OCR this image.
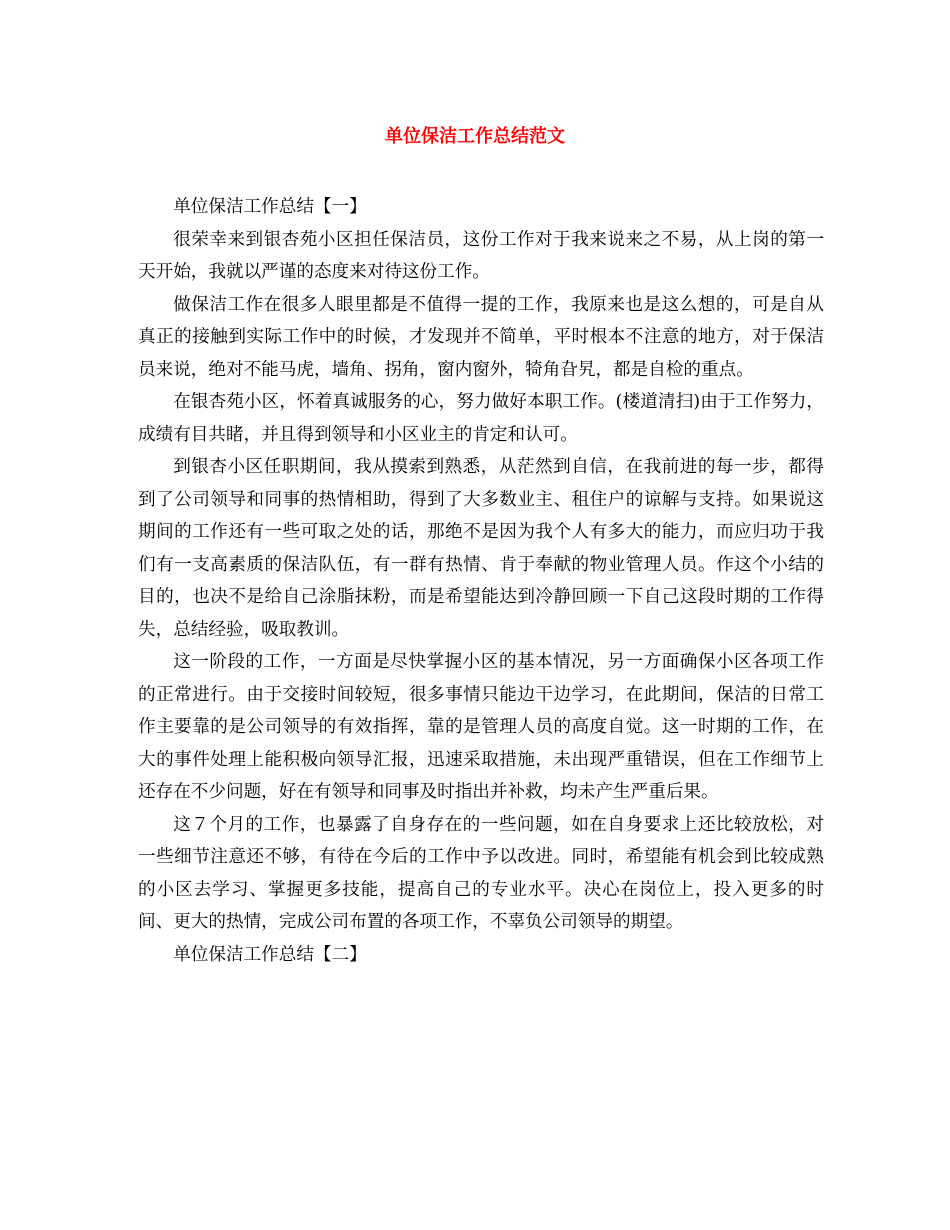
单位保洁工作总结范文

单位保洁工作总结【一】

很荣幸来到银杏苑小区担任保洁员，这份工作对于我来说来之不易，从上岗的第一天开始，我就以严谨的态度来对待这份工作。

做保洁工作在很多人眼里都是不值得一提的工作，我原来也是这么想的，可是自从真正的接触到实际工作中的时候，才发现并不简单，平时根本不注意的地方，对于保洁员来说，绝对不能马虎，墙角、拐角，窗内窗外，犄角旮旯，都是自检的重点。

在银杏苑小区，怀着真诚服务的心，努力做好本职工作。(楼道清扫)由于工作努力，成绩有目共睹，并且得到领导和小区业主的肯定和认可。

到银杏小区任职期间，我从摸索到熟悉，从茫然到自信，在我前进的每一步，都得到了公司领导和同事的热情相助，得到了大多数业主、租住户的谅解与支持。如果说这期间的工作还有一些可取之处的话，那绝不是因为我个人有多大的能力，而应归功于我们有一支高素质的保洁队伍，有一群有热情、肯于奉献的物业管理人员。作这个小结的目的，也决不是给自己涂脂抹粉，而是希望能达到冷静回顾一下自己这段时期的工作得失，总结经验，吸取教训。

这一阶段的工作，一方面是尽快掌握小区的基本情况，另一方面确保小区各项工作的正常进行。由于交接时间较短，很多事情只能边干边学习，在此期间，保洁的日常工作主要靠的是公司领导的有效指挥，靠的是管理人员的高度自觉。这一时期的工作，在大的事件处理上能积极向领导汇报，迅速采取措施，未出现严重错误，但在工作细节上还存在不少问题，好在有领导和同事及时指出并补救，均未产生严重后果。

这７个月的工作，也暴露了自身存在的一些问题，如在自身要求上还比较放松，对一些细节注意还不够，有待在今后的工作中予以改进。同时，希望能有机会到比较成熟的小区去学习、掌握更多技能，提高自己的专业水平。决心在岗位上，投入更多的时间、更大的热情，完成公司布置的各项工作，不辜负公司领导的期望。

单位保洁工作总结【二】
